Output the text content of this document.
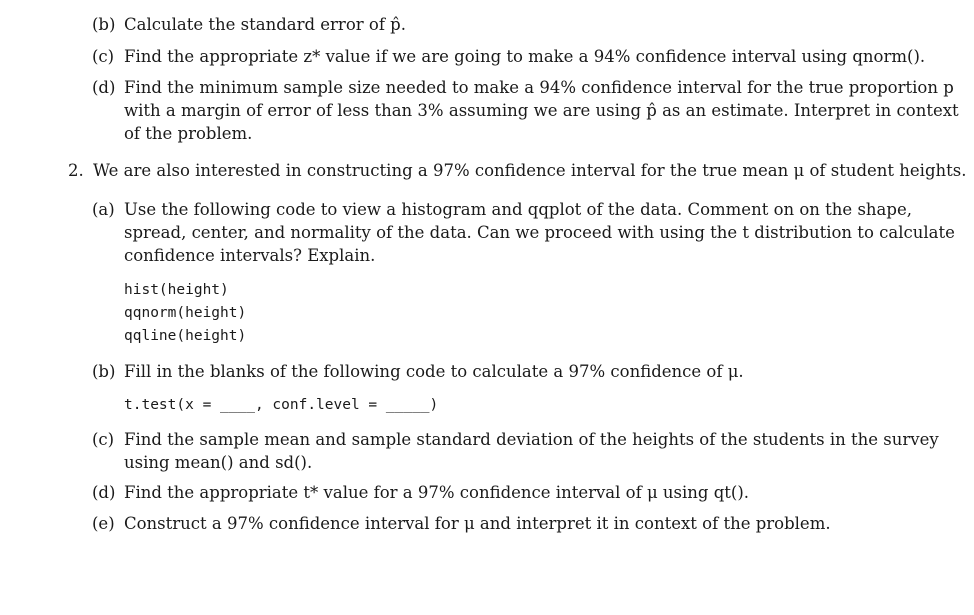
(b) Calculate the standard error of p̂.
(c) Find the appropriate z* value if we are going to make a 94% confidence interval using qnorm().
(d) Find the minimum sample size needed to make a 94% confidence interval for the true proportion p
with a margin of error of less than 3% assuming we are using p̂ as an estimate. Interpret in context
of the problem.
2. We are also interested in constructing a 97% confidence interval for the true mean μ of student heights.
(a) Use the following code to view a histogram and qqplot of the data. Comment on on the shape,
spread, center, and normality of the data. Can we proceed with using the t distribution to calculate
confidence intervals? Explain.
hist(height)
qqnorm(height)
qqline(height)
(b) Fill in the blanks of the following code to calculate a 97% confidence of μ.
t.test(x = ____, conf.level = _____)
(c) Find the sample mean and sample standard deviation of the heights of the students in the survey
using mean() and sd().
(d) Find the appropriate t* value for a 97% confidence interval of μ using qt().
(e) Construct a 97% confidence interval for μ and interpret it in context of the problem.
